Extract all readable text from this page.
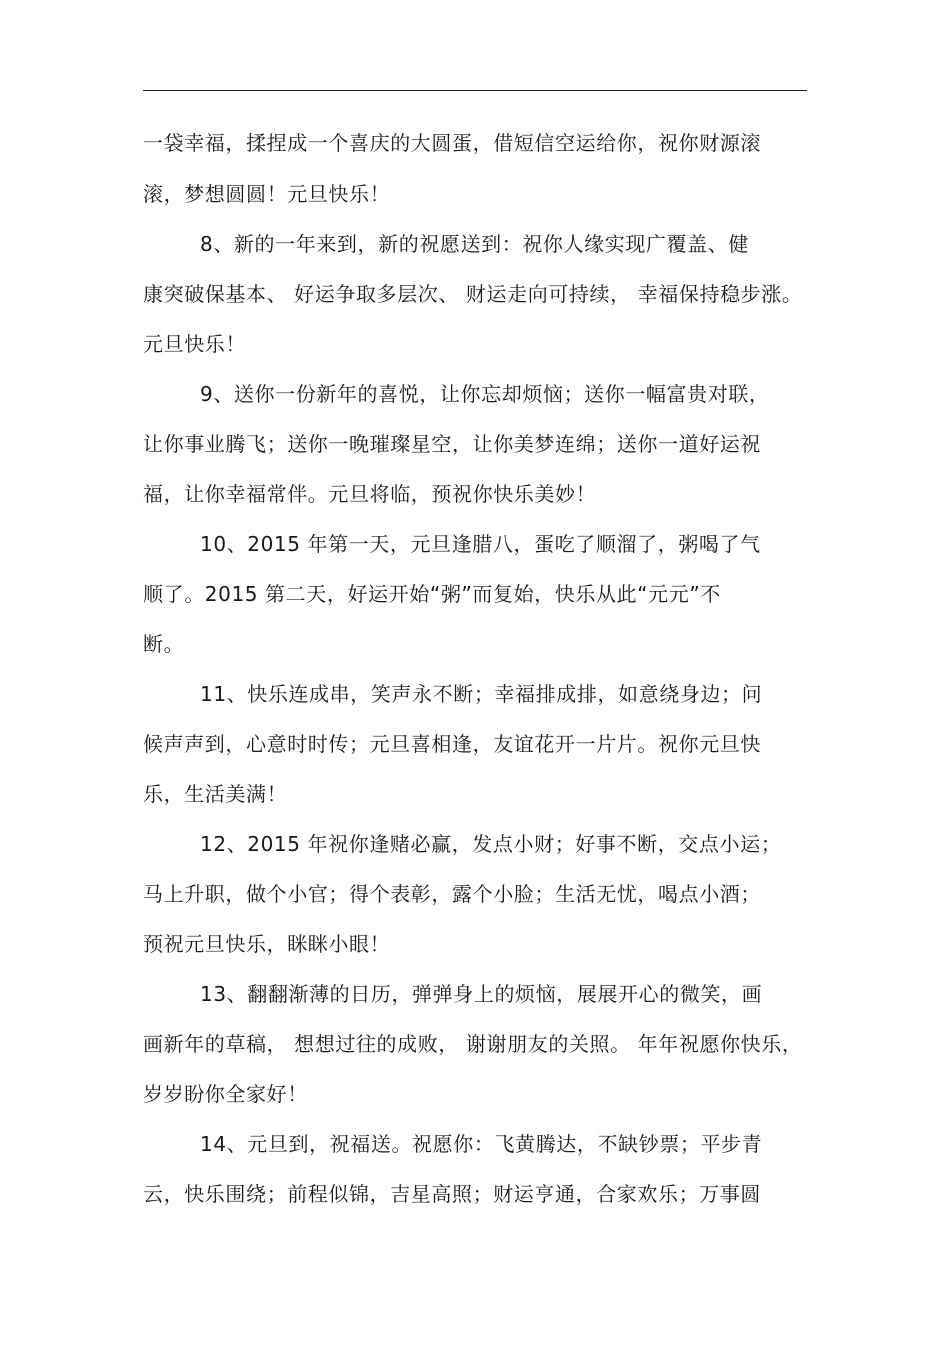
一袋幸福，揉捏成一个喜庆的大圆蛋，借短信空运给你，祝你财源滚
滚，梦想圆圆！元旦快乐！
8、新的一年来到，新的祝愿送到：祝你人缘实现广覆盖、健
康突破保基本、 好运争取多层次、 财运走向可持续， 幸福保持稳步涨。
元旦快乐！
9、送你一份新年的喜悦，让你忘却烦恼；送你一幅富贵对联，
让你事业腾飞；送你一晚璀璨星空，让你美梦连绵；送你一道好运祝
福，让你幸福常伴。元旦将临，预祝你快乐美妙！
10、2015 年第一天，元旦逢腊八，蛋吃了顺溜了，粥喝了气
顺了。2015 第二天，好运开始“粥”而复始，快乐从此“元元”不
断。
11、快乐连成串，笑声永不断；幸福排成排，如意绕身边；问
候声声到，心意时时传；元旦喜相逢，友谊花开一片片。祝你元旦快
乐，生活美满！
12、2015 年祝你逢赌必赢，发点小财；好事不断，交点小运；
马上升职，做个小官；得个表彰，露个小脸；生活无忧，喝点小酒；
预祝元旦快乐，眯眯小眼！
13、翻翻渐薄的日历，弹弹身上的烦恼，展展开心的微笑，画
画新年的草稿， 想想过往的成败， 谢谢朋友的关照。 年年祝愿你快乐，
岁岁盼你全家好！
14、元旦到，祝福送。祝愿你：飞黄腾达，不缺钞票；平步青
云，快乐围绕；前程似锦，吉星高照；财运亨通，合家欢乐；万事圆
